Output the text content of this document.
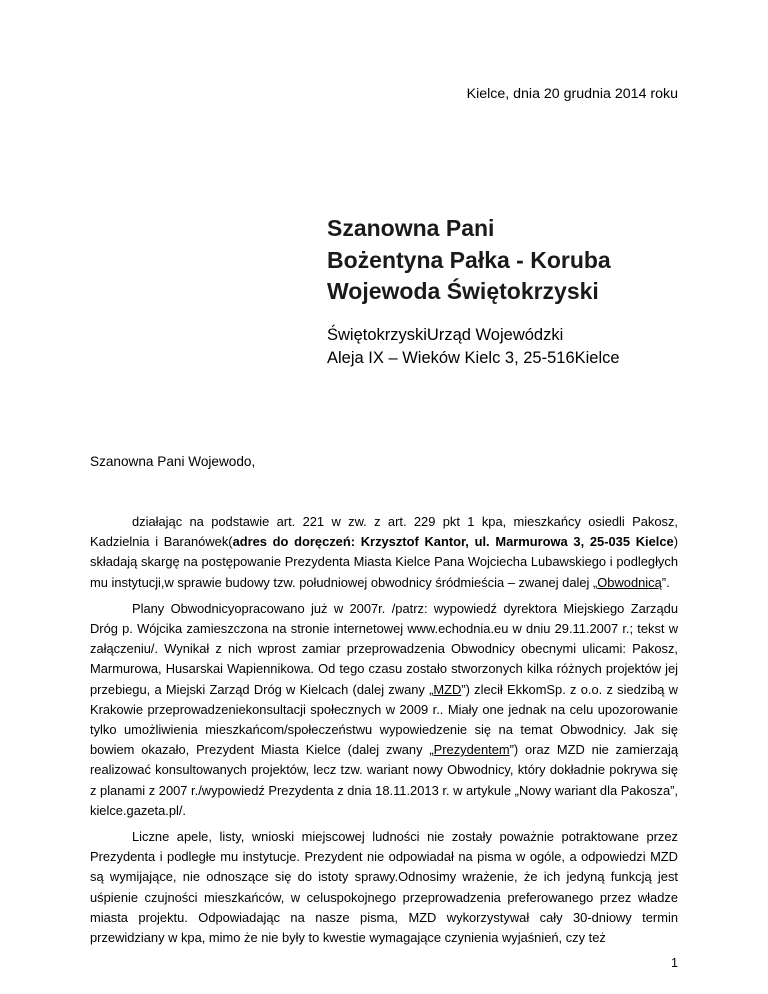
Kielce, dnia 20 grudnia 2014 roku
Szanowna Pani
Bożentyna Pałka - Koruba
Wojewoda Świętokrzyski
ŚwiętokrzyskiUrząd Wojewódzki
Aleja IX – Wieków Kielc 3, 25-516Kielce
Szanowna Pani Wojewodo,

działając na podstawie art. 221 w zw. z art. 229 pkt 1 kpa, mieszkańcy osiedli Pakosz, Kadzielnia i Baranówek(adres do doręczeń: Krzysztof Kantor, ul. Marmurowa 3, 25-035 Kielce) składają skargę na postępowanie Prezydenta Miasta Kielce Pana Wojciecha Lubawskiego i podległych mu instytucji,w sprawie budowy tzw. południowej obwodnicy śródmieścia – zwanej dalej „Obwodnicą”.

Plany Obwodnicyopracowano już w 2007r. /patrz: wypowiedź dyrektora Miejskiego Zarządu Dróg p. Wójcika zamieszczona na stronie internetowej www.echodnia.eu w dniu 29.11.2007 r.; tekst w załączeniu/. Wynikał z nich wprost zamiar przeprowadzenia Obwodnicy obecnymi ulicami: Pakosz, Marmurowa, Husarskai Wapiennikowa. Od tego czasu zostało stworzonych kilka różnych projektów jej przebiegu, a Miejski Zarząd Dróg w Kielcach (dalej zwany „MZD”) zlecił EkkomSp. z o.o. z siedzibą w Krakowie przeprowadzeniekonsultacji społecznych w 2009 r.. Miały one jednak na celu upozorowanie tylko umożliwienia mieszkańcom/społeczeństwu wypowiedzenie się na temat Obwodnicy. Jak się bowiem okazało, Prezydent Miasta Kielce (dalej zwany „Prezydentem”) oraz MZD nie zamierzają realizować konsultowanych projektów, lecz tzw. wariant nowy Obwodnicy, który dokładnie pokrywa się z planami z 2007 r./wypowiedź Prezydenta z dnia 18.11.2013 r. w artykule „Nowy wariant dla Pakosza”, kielce.gazeta.pl/.

Liczne apele, listy, wnioski miejscowej ludności nie zostały poważnie potraktowane przez Prezydenta i podległe mu instytucje. Prezydent nie odpowiadał na pisma w ogóle, a odpowiedzi MZD są wymijające, nie odnoszące się do istoty sprawy.Odnosimy wrażenie, że ich jedyną funkcją jest uśpienie czujności mieszkańców, w celuspokojnego przeprowadzenia preferowanego przez władze miasta projektu. Odpowiadając na nasze pisma, MZD wykorzystywał cały 30-dniowy termin przewidziany w kpa, mimo że nie były to kwestie wymagające czynienia wyjaśnień, czy też

1
